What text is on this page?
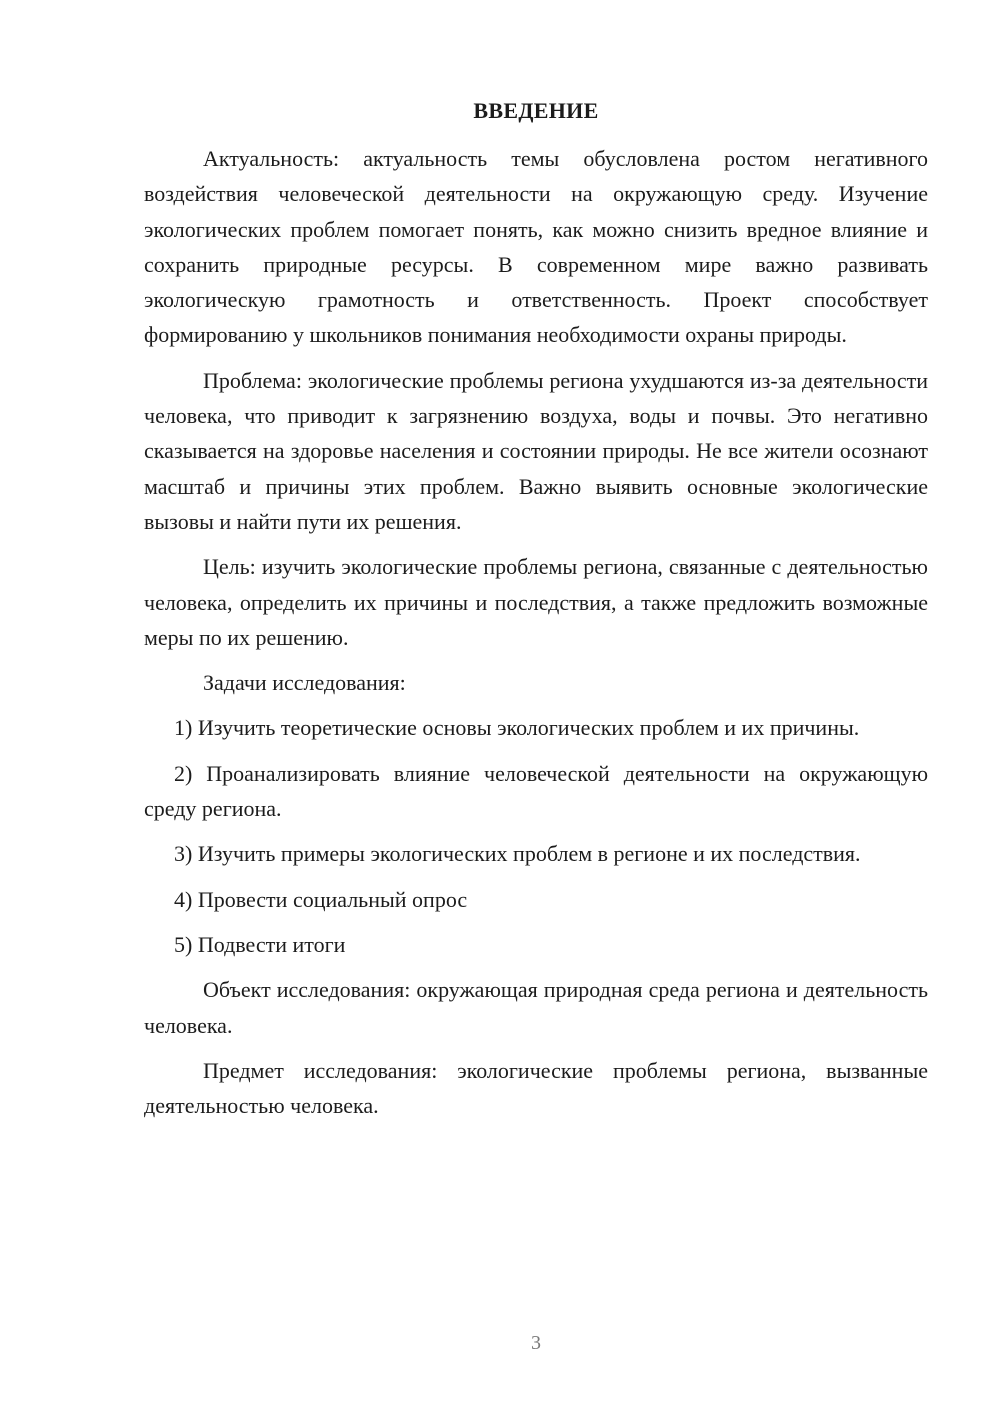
ВВЕДЕНИЕ

Актуальность: актуальность темы обусловлена ростом негативного воздействия человеческой деятельности на окружающую среду. Изучение экологических проблем помогает понять, как можно снизить вредное влияние и сохранить природные ресурсы. В современном мире важно развивать экологическую грамотность и ответственность. Проект способствует формированию у школьников понимания необходимости охраны природы.

Проблема: экологические проблемы региона ухудшаются из-за деятельности человека, что приводит к загрязнению воздуха, воды и почвы. Это негативно сказывается на здоровье населения и состоянии природы. Не все жители осознают масштаб и причины этих проблем. Важно выявить основные экологические вызовы и найти пути их решения.

Цель: изучить экологические проблемы региона, связанные с деятельностью человека, определить их причины и последствия, а также предложить возможные меры по их решению.

Задачи исследования:

1) Изучить теоретические основы экологических проблем и их причины.

2) Проанализировать влияние человеческой деятельности на окружающую среду региона.

3) Изучить примеры экологических проблем в регионе и их последствия.

4) Провести социальный опрос

5) Подвести итоги

Объект исследования: окружающая природная среда региона и деятельность человека.

Предмет исследования: экологические проблемы региона, вызванные деятельностью человека.

3
